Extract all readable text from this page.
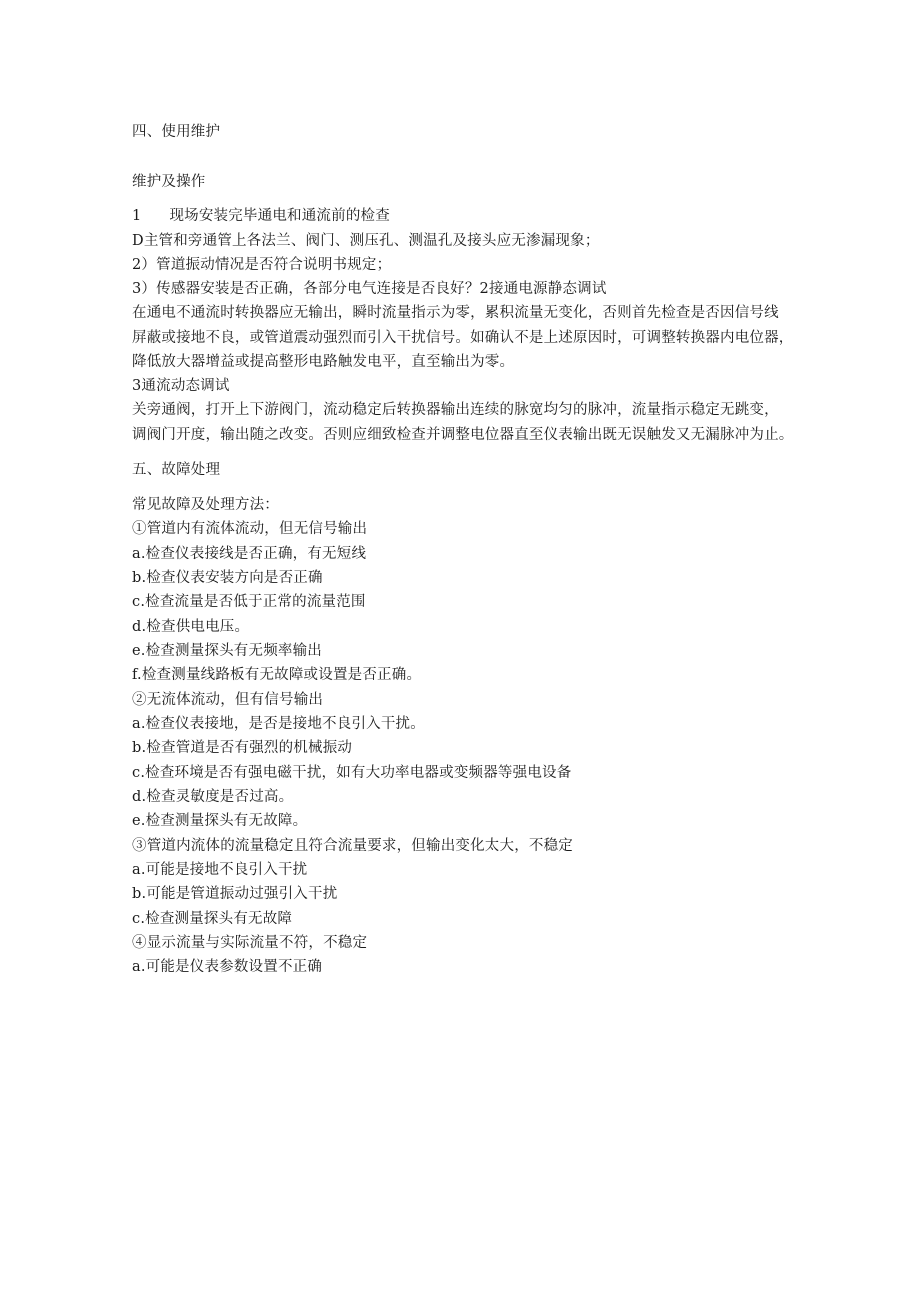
四、使用维护
维护及操作
1 现场安装完毕通电和通流前的检查
D主管和旁通管上各法兰、阀门、测压孔、测温孔及接头应无渗漏现象；
2）管道振动情况是否符合说明书规定；
3）传感器安装是否正确，各部分电气连接是否良好？2接通电源静态调试
在通电不通流时转换器应无输出，瞬时流量指示为零，累积流量无变化，否则首先检查是否因信号线
屏蔽或接地不良，或管道震动强烈而引入干扰信号。如确认不是上述原因时，可调整转换器内电位器，
降低放大器增益或提高整形电路触发电平，直至输出为零。
3通流动态调试
关旁通阀，打开上下游阀门，流动稳定后转换器输出连续的脉宽均匀的脉冲，流量指示稳定无跳变，
调阀门开度，输出随之改变。否则应细致检查并调整电位器直至仪表输出既无误触发又无漏脉冲为止。
五、故障处理
常见故障及处理方法：
①管道内有流体流动，但无信号输出
a.检查仪表接线是否正确，有无短线
b.检查仪表安装方向是否正确
c.检查流量是否低于正常的流量范围
d.检查供电电压。
e.检查测量探头有无频率输出
f.检查测量线路板有无故障或设置是否正确。
②无流体流动，但有信号输出
a.检查仪表接地，是否是接地不良引入干扰。
b.检查管道是否有强烈的机械振动
c.检查环境是否有强电磁干扰，如有大功率电器或变频器等强电设备
d.检查灵敏度是否过高。
e.检查测量探头有无故障。
③管道内流体的流量稳定且符合流量要求，但输出变化太大，不稳定
a.可能是接地不良引入干扰
b.可能是管道振动过强引入干扰
c.检查测量探头有无故障
④显示流量与实际流量不符，不稳定
a.可能是仪表参数设置不正确
